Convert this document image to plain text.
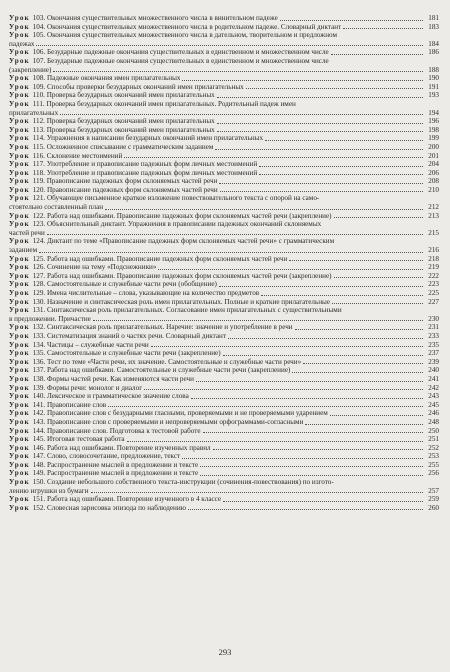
Урок 103. Окончания существительных множественного числа в винительном падеже	181
Урок 104. Окончания существительных множественного числа в родительном падеже. Словарный диктант	183
Урок 105. Окончания существительных множественного числа в дательном, творительном и предложном
падежах	184
Урок 106. Безударные падежные окончания существительных в единственном и множественном числе	186
Урок 107. Безударные падежные окончания существительных в единственном и множественном числе
(закрепление)	188
Урок 108. Падежные окончания имен прилагательных	190
Урок 109. Способы проверки безударных окончаний имен прилагательных	191
Урок 110. Проверка безударных окончаний имен прилагательных	193
Урок 111. Проверка безударных окончаний имен прилагательных. Родительный падеж имен
прилагательных	194
Урок 112. Проверка безударных окончаний имен прилагательных	196
Урок 113. Проверка безударных окончаний имен прилагательных	198
Урок 114. Упражнения в написании безударных окончаний имен прилагательных	199
Урок 115. Осложненное списывание с грамматическим заданием	200
Урок 116. Склонение местоимений	201
Урок 117. Употребление и правописание падежных форм личных местоимений	204
Урок 118. Употребление и правописание падежных форм личных местоимений	206
Урок 119. Правописание падежных форм склоняемых частей речи	208
Урок 120. Правописание падежных форм склоняемых частей речи	210
Урок 121. Обучающее письменное краткое изложение повествовательного текста с опорой на само-
стоятельно составленный план	212
Урок 122. Работа над ошибками. Правописание падежных форм склоняемых частей речи (закрепление)	213
Урок 123. Объяснительный диктант. Упражнения в правописании падежных окончаний склоняемых
частей речи	215
Урок 124. Диктант по теме «Правописание падежных форм склоняемых частей речи» с грамматическим
заданием	216
Урок 125. Работа над ошибками. Правописание падежных форм склоняемых частей речи	218
Урок 126. Сочинение на тему «Подснежники»	219
Урок 127. Работа над ошибками. Правописание падежных форм склоняемых частей речи (закрепление)	222
Урок 128. Самостоятельные и служебные части речи (обобщение)	223
Урок 129. Имена числительные – слова, указывающие на количество предметов	225
Урок 130. Назначение и синтаксическая роль имен прилагательных. Полные и краткие прилагательные	227
Урок 131. Синтаксическая роль прилагательных. Согласование имен прилагательных с существительными
в предложении. Причастие	230
Урок 132. Синтаксическая роль прилагательных. Наречие: значение и употребление в речи	231
Урок 133. Систематизация знаний о частях речи. Словарный диктант	233
Урок 134. Частицы – служебные части речи	235
Урок 135. Самостоятельные и служебные части речи (закрепление)	237
Урок 136. Тест по теме «Части речи, их значение. Самостоятельные и служебные части речи»	239
Урок 137. Работа над ошибками. Самостоятельные и служебные части речи (закрепление)	240
Урок 138. Формы частей речи. Как изменяются части речи	241
Урок 139. Формы речи: монолог и диалог	242
Урок 140. Лексическое и грамматическое значение слова	243
Урок 141. Правописание слов	245
Урок 142. Правописание слов с безударными гласными, проверяемыми и не проверяемыми ударением	246
Урок 143. Правописание слов с проверяемыми и непроверяемыми орфограммами-согласными	248
Урок 144. Правописание слов. Подготовка к тестовой работе	250
Урок 145. Итоговая тестовая работа	251
Урок 146. Работа над ошибками. Повторение изученных правил	252
Урок 147. Слово, словосочетание, предложение, текст	253
Урок 148. Распространение мыслей в предложении и тексте	255
Урок 149. Распространение мыслей в предложении и тексте	256
Урок 150. Создание небольшого собственного текста-инструкции (сочинения-повествования) по изгото-
лению игрушки из бумаги	257
Урок 151. Работа над ошибками. Повторение изученного в 4 классе	259
Урок 152. Словесная зарисовка эпизода по наблюдению	260
293
